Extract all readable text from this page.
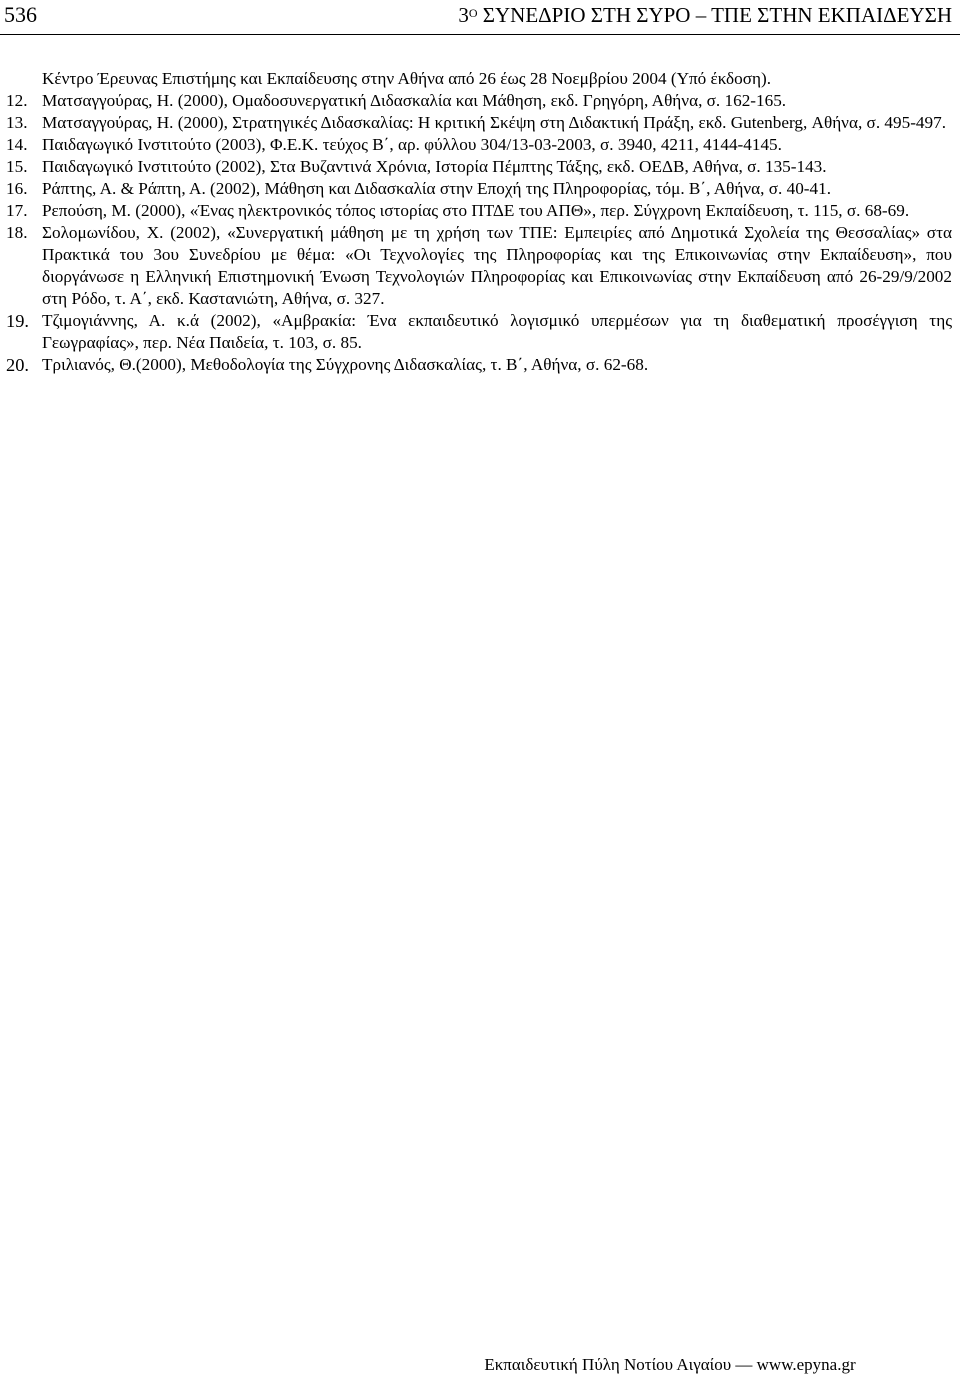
536	$3^O$ ΣΥΝΕΔΡΙΟ ΣΤΗ ΣΥΡΟ – ΤΠΕ ΣΤΗΝ ΕΚΠΑΙΔΕΥΣΗ

Κέντρο Έρευνας Επιστήμης και Εκπαίδευσης στην Αθήνα από 26 έως 28 Νοεμβρίου 2004 (Υπό έκδοση).

12. Ματσαγγούρας, Η. (2000), Ομαδοσυνεργατική Διδασκαλία και Μάθηση, εκδ. Γρηγόρη, Αθήνα, σ. 162-165.
13. Ματσαγγούρας, Η. (2000), Στρατηγικές Διδασκαλίας: Η κριτική Σκέψη στη Διδακτική Πράξη, εκδ. Gutenberg, Αθήνα, σ. 495-497.
14. Παιδαγωγικό Ινστιτούτο (2003), Φ.Ε.Κ. τεύχος Β΄, αρ. φύλλου 304/13-03-2003, σ. 3940, 4211, 4144-4145.
15. Παιδαγωγικό Ινστιτούτο (2002), Στα Βυζαντινά Χρόνια, Ιστορία Πέμπτης Τάξης, εκδ. ΟΕΔΒ, Αθήνα, σ. 135-143.
16. Ράπτης, Α. & Ράπτη, Α. (2002), Μάθηση και Διδασκαλία στην Εποχή της Πληροφορίας, τόμ. Β΄, Αθήνα, σ. 40-41.
17. Ρεπούση, Μ. (2000), «Ένας ηλεκτρονικός τόπος ιστορίας στο ΠΤΔΕ του ΑΠΘ», περ. Σύγχρονη Εκπαίδευση, τ. 115, σ. 68-69.
18. Σολομωνίδου, Χ. (2002), «Συνεργατική μάθηση με τη χρήση των ΤΠΕ: Εμπειρίες από Δημοτικά Σχολεία της Θεσσαλίας» στα Πρακτικά του 3ου Συνεδρίου με θέμα: «Οι Τεχνολογίες της Πληροφορίας και της Επικοινωνίας στην Εκπαίδευση», που διοργάνωσε η Ελληνική Επιστημονική Ένωση Τεχνολογιών Πληροφορίας και Επικοινωνίας στην Εκπαίδευση από 26-29/9/2002 στη Ρόδο, τ. Α΄, εκδ. Καστανιώτη, Αθήνα, σ. 327.
19. Τζιμογιάννης, Α. κ.ά (2002), «Αμβρακία: Ένα εκπαιδευτικό λογισμικό υπερμέσων για τη διαθεματική προσέγγιση της Γεωγραφίας», περ. Νέα Παιδεία, τ. 103, σ. 85.
20. Τριλιανός, Θ.(2000), Μεθοδολογία της Σύγχρονης Διδασκαλίας, τ. Β΄, Αθήνα, σ. 62-68.
Εκπαιδευτική Πύλη Νοτίου Αιγαίου — www.epyna.gr
